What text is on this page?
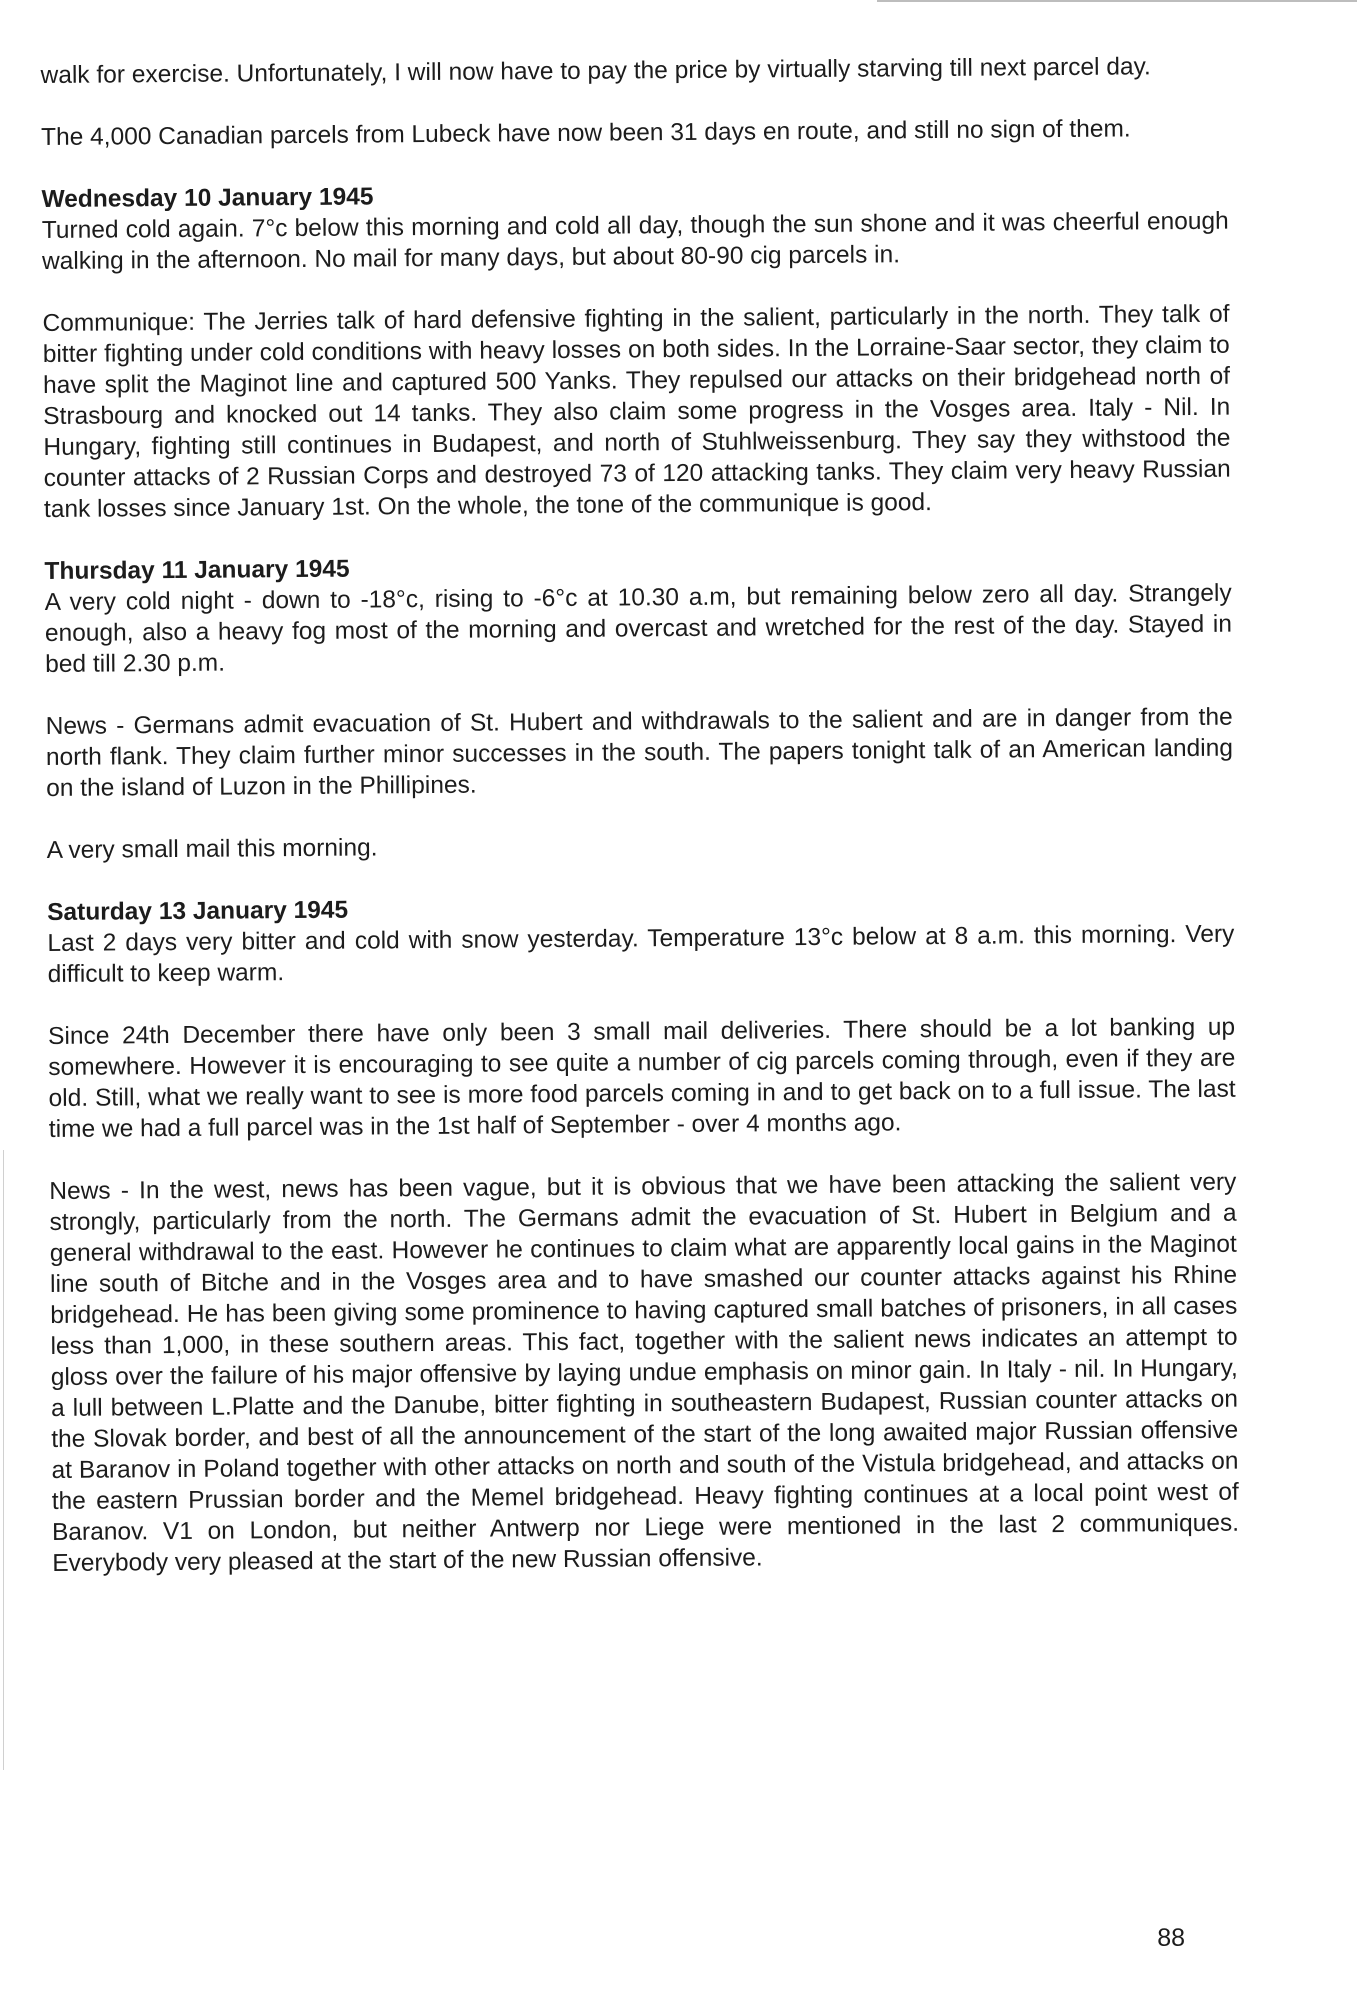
walk for exercise. Unfortunately, I will now have to pay the price by virtually starving till next parcel day.

The 4,000 Canadian parcels from Lubeck have now been 31 days en route, and still no sign of them.

Wednesday 10 January 1945

Turned cold again. 7°c below this morning and cold all day, though the sun shone and it was cheerful enough walking in the afternoon. No mail for many days, but about 80-90 cig parcels in.

Communique: The Jerries talk of hard defensive fighting in the salient, particularly in the north. They talk of bitter fighting under cold conditions with heavy losses on both sides. In the Lorraine-Saar sector, they claim to have split the Maginot line and captured 500 Yanks. They repulsed our attacks on their bridgehead north of Strasbourg and knocked out 14 tanks. They also claim some progress in the Vosges area. Italy - Nil. In Hungary, fighting still continues in Budapest, and north of Stuhlweissenburg. They say they withstood the counter attacks of 2 Russian Corps and destroyed 73 of 120 attacking tanks. They claim very heavy Russian tank losses since January 1st. On the whole, the tone of the communique is good.

Thursday 11 January 1945

A very cold night - down to -18°c, rising to -6°c at 10.30 a.m, but remaining below zero all day. Strangely enough, also a heavy fog most of the morning and overcast and wretched for the rest of the day. Stayed in bed till 2.30 p.m.

News - Germans admit evacuation of St. Hubert and withdrawals to the salient and are in danger from the north flank. They claim further minor successes in the south. The papers tonight talk of an American landing on the island of Luzon in the Phillipines.

A very small mail this morning.

Saturday 13 January 1945

Last 2 days very bitter and cold with snow yesterday. Temperature 13°c below at 8 a.m. this morning. Very difficult to keep warm.

Since 24th December there have only been 3 small mail deliveries. There should be a lot banking up somewhere. However it is encouraging to see quite a number of cig parcels coming through, even if they are old. Still, what we really want to see is more food parcels coming in and to get back on to a full issue. The last time we had a full parcel was in the 1st half of September - over 4 months ago.

News - In the west, news has been vague, but it is obvious that we have been attacking the salient very strongly, particularly from the north. The Germans admit the evacuation of St. Hubert in Belgium and a general withdrawal to the east. However he continues to claim what are apparently local gains in the Maginot line south of Bitche and in the Vosges area and to have smashed our counter attacks against his Rhine bridgehead. He has been giving some prominence to having captured small batches of prisoners, in all cases less than 1,000, in these southern areas. This fact, together with the salient news indicates an attempt to gloss over the failure of his major offensive by laying undue emphasis on minor gain. In Italy - nil. In Hungary, a lull between L.Platte and the Danube, bitter fighting in southeastern Budapest, Russian counter attacks on the Slovak border, and best of all the announcement of the start of the long awaited major Russian offensive at Baranov in Poland together with other attacks on north and south of the Vistula bridgehead, and attacks on the eastern Prussian border and the Memel bridgehead. Heavy fighting continues at a local point west of Baranov. V1 on London, but neither Antwerp nor Liege were mentioned in the last 2 communiques. Everybody very pleased at the start of the new Russian offensive.

88
